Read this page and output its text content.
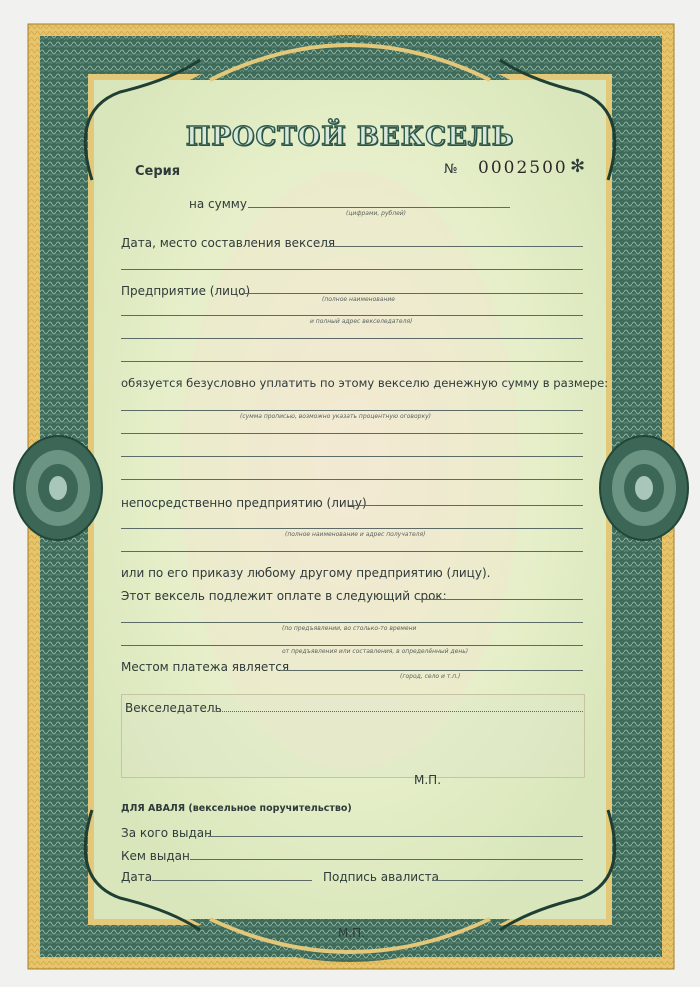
ПРОСТОЙ ВЕКСЕЛЬ
Серия	№ 0002500 ✻
на сумму
(цифрами, рублей)
Дата, место составления векселя
Предприятие (лицо)
(полное наименование
и полный адрес векселедателя)
обязуется безусловно уплатить по этому векселю денежную сумму в размере:
(сумма прописью, возможно указать процентную оговорку)
непосредственно предприятию (лицу)
(полное наименование и адрес получателя)
или по его приказу любому другому предприятию (лицу).
Этот вексель подлежит оплате в следующий срок:
(по предъявлении, во столько-то времени
от предъявления или составления, в определённый день)
Местом платежа является
(город, село и т.п.)
Векселедатель
М.П.
ДЛЯ АВАЛЯ (вексельное поручительство)
За кого выдан
Кем выдан
Дата	Подпись авалиста
М.П.
